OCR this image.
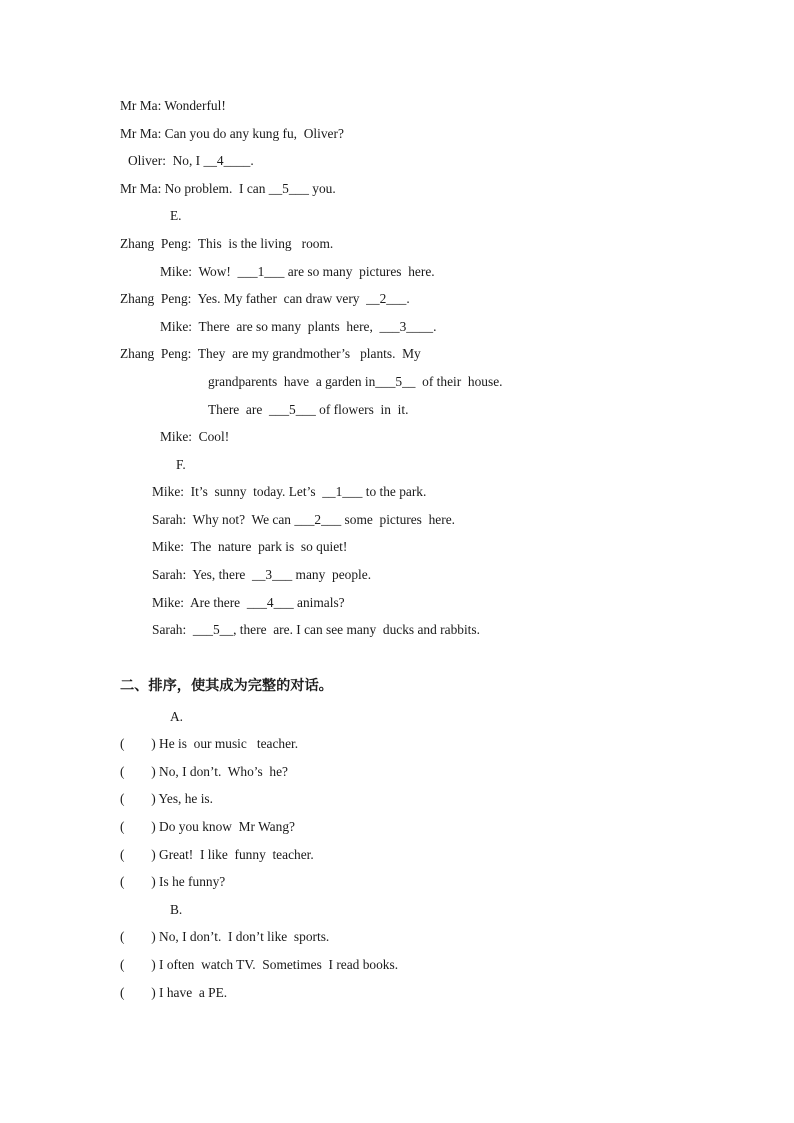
Mr Ma: Wonderful!
Mr Ma: Can you do any kung fu,  Oliver?
Oliver:  No, I __4____.
Mr Ma: No problem.  I can __5___ you.
E.
Zhang  Peng:  This  is the living   room.
Mike:  Wow!  ___1___ are so many  pictures  here.
Zhang  Peng:  Yes. My father  can draw very  __2___.
Mike:  There  are so many  plants  here,  ___3____.
Zhang  Peng:  They  are my grandmother’s   plants.  My
grandparents  have  a garden in___5__  of their  house.
There  are  ___5___ of flowers  in  it.
Mike:  Cool!
F.
Mike:  It’s  sunny  today. Let’s  __1___ to the park.
Sarah:  Why not?  We can ___2___ some  pictures  here.
Mike:  The  nature  park is  so quiet!
Sarah:  Yes, there  __3___ many  people.
Mike:  Are there  ___4___ animals?
Sarah:  ___5__, there  are. I can see many  ducks and rabbits.
二、排序，使其成为完整的对话。
A.
(        ) He is  our music   teacher.
(        ) No, I don’t.  Who’s  he?
(        ) Yes, he is.
(        ) Do you know  Mr Wang?
(        ) Great!  I like  funny  teacher.
(        ) Is he funny?
B.
(        ) No, I don’t.  I don’t like  sports.
(        ) I often  watch TV.  Sometimes  I read books.
(        ) I have  a PE.
